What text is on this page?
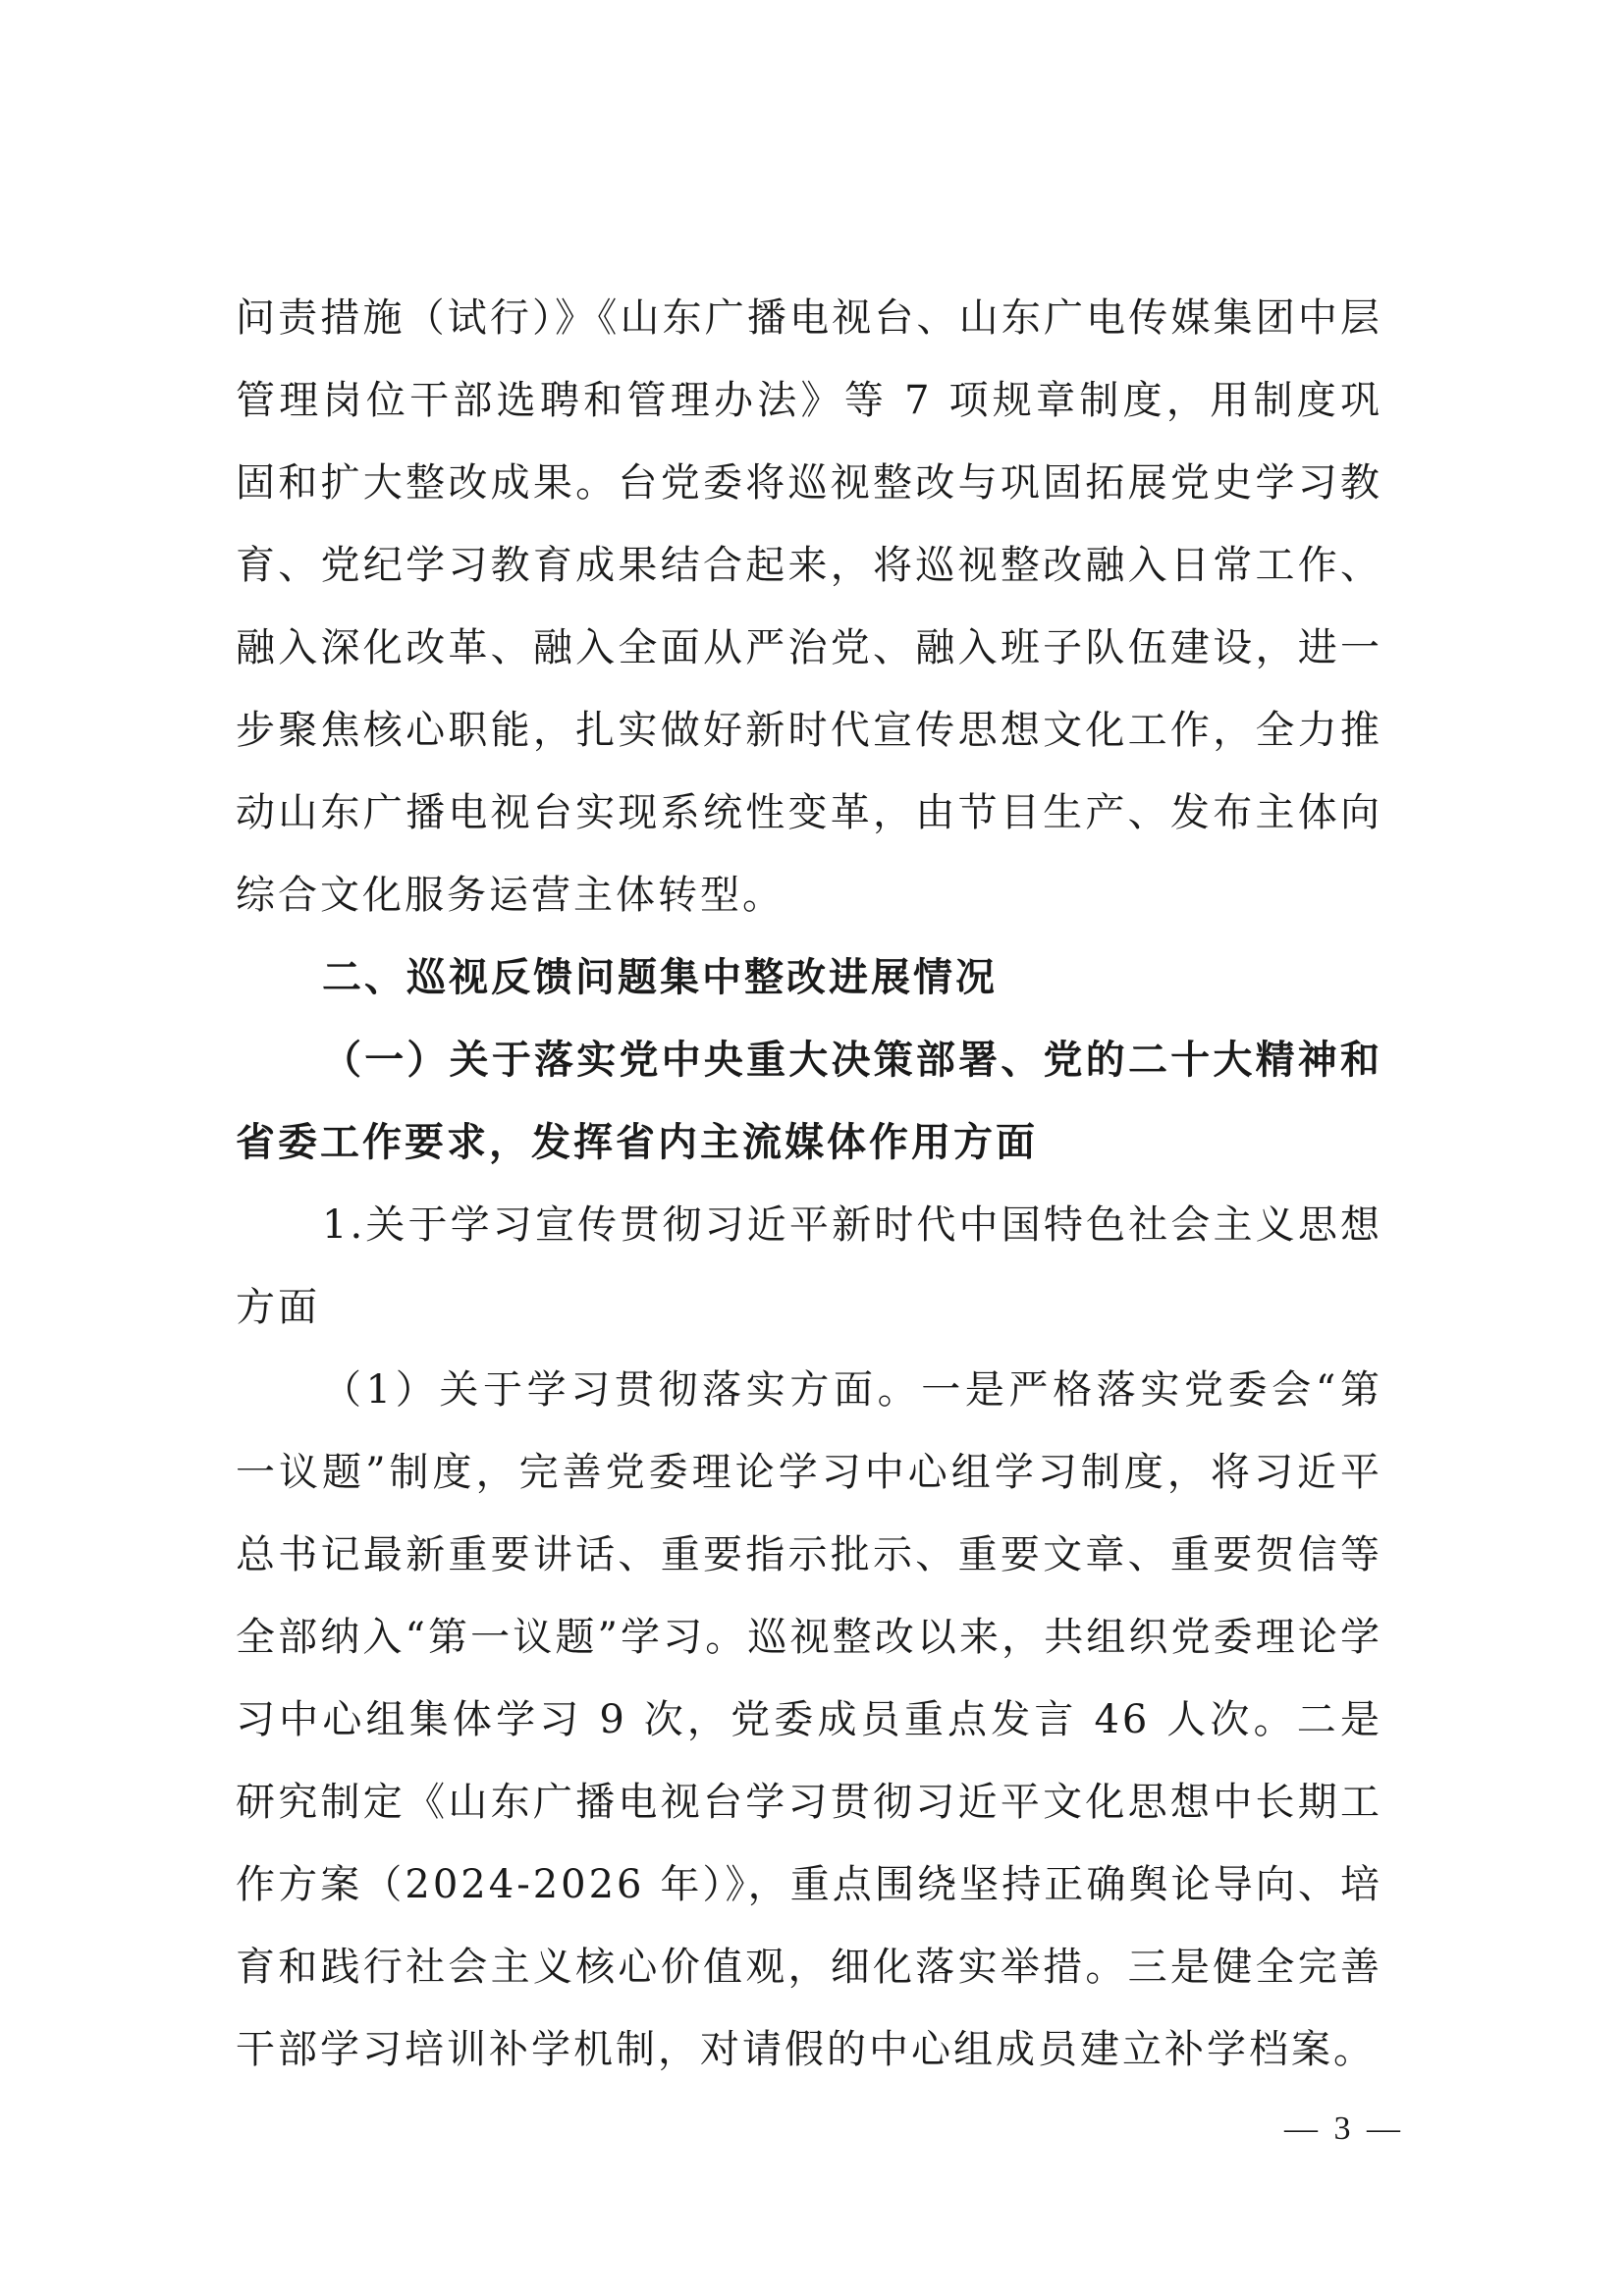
问责措施（试行）》《山东广播电视台、山东广电传媒集团中层管理岗位干部选聘和管理办法》等 7 项规章制度，用制度巩固和扩大整改成果。台党委将巡视整改与巩固拓展党史学习教育、党纪学习教育成果结合起来，将巡视整改融入日常工作、融入深化改革、融入全面从严治党、融入班子队伍建设，进一步聚焦核心职能，扎实做好新时代宣传思想文化工作，全力推动山东广播电视台实现系统性变革，由节目生产、发布主体向综合文化服务运营主体转型。

二、巡视反馈问题集中整改进展情况

（一）关于落实党中央重大决策部署、党的二十大精神和省委工作要求，发挥省内主流媒体作用方面

1.关于学习宣传贯彻习近平新时代中国特色社会主义思想方面

（1）关于学习贯彻落实方面。一是严格落实党委会“第一议题”制度，完善党委理论学习中心组学习制度，将习近平总书记最新重要讲话、重要指示批示、重要文章、重要贺信等全部纳入“第一议题”学习。巡视整改以来，共组织党委理论学习中心组集体学习 9 次，党委成员重点发言 46 人次。二是研究制定《山东广播电视台学习贯彻习近平文化思想中长期工作方案（2024-2026 年）》，重点围绕坚持正确舆论导向、培育和践行社会主义核心价值观，细化落实举措。三是健全完善干部学习培训补学机制，对请假的中心组成员建立补学档案。

— 3 —
